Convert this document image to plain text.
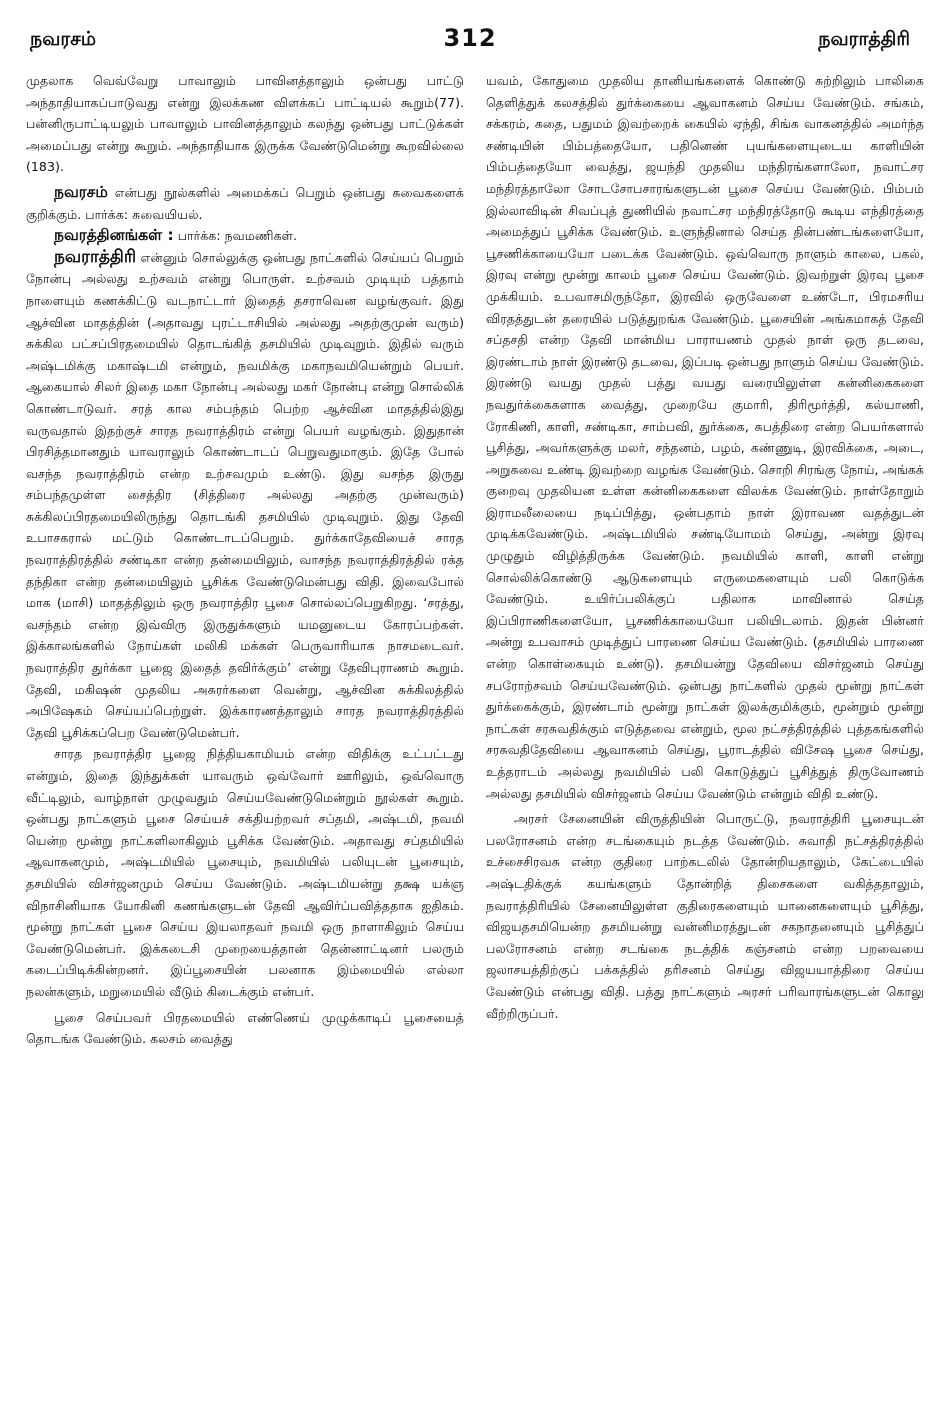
நவரசம்	312	நவராத்திரி

முதலாக வெவ்வேறு பாவாலும் பாவினத்தாலும் ஒன்பது பாட்டு அந்தாதியாகப்பாடுவது என்று இலக்கண விளக்கப் பாட்டியல் கூறும்(77). பன்னிருபாட்டியலும் பாவாலும் பாவினத்தாலும் கலந்து ஒன்பது பாட்டுக்கள் அமைப்பது என்று கூறும். அந்தாதியாக இருக்க வேண்டுமென்று கூறவில்லை (183).

நவரசம் என்பது நூல்களில் அமைக்கப் பெறும் ஒன்பது சுவைகளைக் குறிக்கும். பார்க்க: சுவையியல்.

நவரத்தினங்கள் : பார்க்க: நவமணிகள்.

நவராத்திரி என்னும் சொல்லுக்கு ஒன்பது நாட்களில் செய்யப் பெறும் நோன்பு அல்லது உற்சவம் என்று பொருள். உற்சவம் முடியும் பத்தாம் நாளையும் கணக்கிட்டு வடநாட்டார் இதைத் தசராவென வழங்குவர். இது ஆச்வின மாதத்தின் (அதாவது புரட்டாசியில் அல்லது அதற்குமுன் வரும்) சுக்கில பட்சப்பிரதமையில் தொடங்கித் தசமியில் முடிவுறும். இதில் வரும் அஷ்டமிக்கு மகாஷ்டமி என்றும், நவமிக்கு மகாநவமியென்றும் பெயர். ஆகையால் சிலர் இதை மகா நோன்பு அல்லது மகர் நோன்பு என்று சொல்லிக் கொண்டாடுவர். சரத் கால சம்பந்தம் பெற்ற ஆச்வின மாதத்தில்இது வருவதால் இதற்குச் சாரத நவராத்திரம் என்று பெயர் வழங்கும். இதுதான் பிரசித்தமானதும் யாவராலும் கொண்டாடப் பெறுவதுமாகும். இதே போல் வசந்த நவராத்திரம் என்ற உற்சவமும் உண்டு. இது வசந்த இருது சம்பந்தமுள்ள சைத்திர (சித்திரை அல்லது அதற்கு முன்வரும்) சுக்கிலப்பிரதமையிலிருந்து தொடங்கி தசமியில் முடிவுறும். இது தேவி உபாசகரால் மட்டும் கொண்டாடப்பெறும். துர்க்காதேவியைச் சாரத நவராத்திரத்தில் சண்டிகா என்ற தன்மையிலும், வாசந்த நவராத்திரத்தில் ரக்த தந்திகா என்ற தன்மையிலும் பூசிக்க வேண்டுமென்பது விதி. இவைபோல் மாக (மாசி) மாதத்திலும் ஒரு நவராத்திர பூசை சொல்லப்பெறுகிறது. ‘சரத்து, வசந்தம் என்ற இவ்விரு இருதுக்களும் யமனுடைய கோரப்பற்கள். இக்காலங்களில் நோய்கள் மலிகி மக்கள் பெருவாரியாக நாசமடைவர். நவராத்திர துர்க்கா பூஜை இதைத் தவிர்க்கும்’ என்று தேவிபுராணம் கூறும். தேவி, மகிஷன் முதலிய அசுரர்களை வென்று, ஆச்வின சுக்கிலத்தில் அபிஷேகம் செய்யப்பெற்றுள். இக்காரணத்தாலும் சாரத நவராத்திரத்தில் தேவி பூசிக்கப்பெற வேண்டுமென்பர்.

சாரத நவராத்திர பூஜை நித்தியகாமியம் என்ற விதிக்கு உட்பட்டது என்றும், இதை இந்துக்கள் யாவரும் ஒவ்வோர் ஊரிலும், ஒவ்வொரு வீட்டிலும், வாழ்நாள் முழுவதும் செய்யவேண்டுமென்றும் நூல்கள் கூறும். ஒன்பது நாட்களும் பூசை செய்யச் சக்தியற்றவர் சப்தமி, அஷ்டமி, நவமி யென்ற மூன்று நாட்களிலாகிலும் பூசிக்க வேண்டும். அதாவது சப்தமியில் ஆவாகனமும், அஷ்டமியில் பூசையும், நவமியில் பலியுடன் பூசையும், தசமியில் விசர்ஜனமும் செய்ய வேண்டும். அஷ்டமியன்று தக்ஷ யக்ஞ விநாசினியாக யோகினி கணங்களுடன் தேவி ஆவிர்ப்பவித்ததாக ஐதிகம். மூன்று நாட்கள் பூசை செய்ய இயலாதவர் நவமி ஒரு நாளாகிலும் செய்ய வேண்டுமென்பர். இக்கடைசி முறையைத்தான் தென்னாட்டினர் பலரும் கடைப்பிடிக்கின்றனர். இப்பூசையின் பலனாக இம்மையில் எல்லா நலன்களும், மறுமையில் வீடும் கிடைக்கும் என்பர்.

பூசை செய்பவர் பிரதமையில் எண்ணெய் முழுக்காடிப் பூசையைத் தொடங்க வேண்டும். கலசம் வைத்து

யவம், கோதுமை முதலிய தானியங்களைக் கொண்டு சுற்றிலும் பாலிகை தெளித்துக் கலசத்தில் துர்க்கையை ஆவாகனம் செய்ய வேண்டும். சங்கம், சக்கரம், கதை, பதுமம் இவற்றைக் கையில் ஏந்தி, சிங்க வாகனத்தில் அமர்ந்த சண்டியின் பிம்பத்தையோ, பதினெண் புயங்களையுடைய காளியின் பிம்பத்தையோ வைத்து, ஜயந்தி முதலிய மந்திரங்களாலோ, நவாட்சர மந்திரத்தாலோ சோடசோபசாரங்களுடன் பூசை செய்ய வேண்டும். பிம்பம் இல்லாவிடின் சிவப்புத் துணியில் நவாட்சர மந்திரத்தோடு கூடிய எந்திரத்தை அமைத்துப் பூசிக்க வேண்டும். உளுந்தினால் செய்த தின்பண்டங்களையோ, பூசணிக்காயையோ படைக்க வேண்டும். ஒவ்வொரு நாளும் காலை, பகல், இரவு என்று மூன்று காலம் பூசை செய்ய வேண்டும். இவற்றுள் இரவு பூசை முக்கியம். உபவாசமிருந்தோ, இரவில் ஒருவேளை உண்டோ, பிரமசரிய விரதத்துடன் தரையில் படுத்துறங்க வேண்டும். பூசையின் அங்கமாகத் தேவி சப்தசதி என்ற தேவி மான்மிய பாராயணம் முதல் நாள் ஒரு தடவை, இரண்டாம் நாள் இரண்டு தடவை, இப்படி ஒன்பது நாளும் செய்ய வேண்டும். இரண்டு வயது முதல் பத்து வயது வரையிலுள்ள கன்னிகைகளை நவதுர்க்கைகளாக வைத்து, முறையே குமாரி, திரிமூர்த்தி, கல்யாணி, ரோகிணி, காளி, சண்டிகா, சாம்பவி, துர்க்கை, சுபத்திரை என்ற பெயர்களால் பூசித்து, அவர்களுக்கு மலர், சந்தனம், பழம், கண்ணுடி, இரவிக்கை, அடை, அறுசுவை உண்டி இவற்றை வழங்க வேண்டும். சொறி சிரங்கு நோய், அங்கக் குறைவு முதலியன உள்ள கன்னிகைகளை விலக்க வேண்டும். நாள்தோறும் இராமலீலையை நடிப்பித்து, ஒன்பதாம் நாள் இராவண வதத்துடன் முடிக்கவேண்டும். அஷ்டமியில் சண்டியோமம் செய்து, அன்று இரவு முழுதும் விழித்திருக்க வேண்டும். நவமியில் காளி, காளி என்று சொல்லிக்கொண்டு ஆடுகளையும் எருமைகளையும் பலி கொடுக்க வேண்டும். உயிர்ப்பலிக்குப் பதிலாக மாவினால் செய்த இப்பிராணிகளையோ, பூசணிக்காயையோ பலியிடலாம். இதன் பின்னர் அன்று உபவாசம் முடித்துப் பாரணை செய்ய வேண்டும். (தசமியில் பாரணை என்ற கொள்கையும் உண்டு). தசமியன்று தேவியை விசர்ஜனம் செய்து சபரோற்சவம் செய்யவேண்டும். ஒன்பது நாட்களில் முதல் மூன்று நாட்கள் துர்க்கைக்கும், இரண்டாம் மூன்று நாட்கள் இலக்குமிக்கும், மூன்றும் மூன்று நாட்கள் சரசுவதிக்கும் எடுத்தவை என்றும், மூல நட்சத்திரத்தில் புத்தகங்களில் சரசுவதிதேவியை ஆவாகனம் செய்து, பூராடத்தில் விசேஷ பூசை செய்து, உத்தராடம் அல்லது நவமியில் பலி கொடுத்துப் பூசித்துத் திருவோணம் அல்லது தசமியில் விசர்ஜனம் செய்ய வேண்டும் என்றும் விதி உண்டு.

அரசர் சேனையின் விருத்தியின் பொருட்டு, நவராத்திரி பூசையுடன் பலரோசனம் என்ற சடங்கையும் நடத்த வேண்டும். சுவாதி நட்சத்திரத்தில் உச்சைசிரவசு என்ற குதிரை பாற்கடலில் தோன்றியதாலும், கேட்டையில் அஷ்டதிக்குக் கயங்களும் தோன்றித் திசைகளை வகித்ததாலும், நவராத்திரியில் சேனையிலுள்ள குதிரைகளையும் யானைகளையும் பூசித்து, விஜயதசமியென்ற தசமியன்று வன்னிமரத்துடன் சகநாதனையும் பூசித்துப் பலரோசனம் என்ற சடங்கை நடத்திக் கஞ்சனம் என்ற பறவையை ஜலாசயத்திற்குப் பக்கத்தில் தரிசனம் செய்து விஜயயாத்திரை செய்ய வேண்டும் என்பது விதி. பத்து நாட்களும் அரசர் பரிவாரங்களுடன் கொலு வீற்றிருப்பர்.
